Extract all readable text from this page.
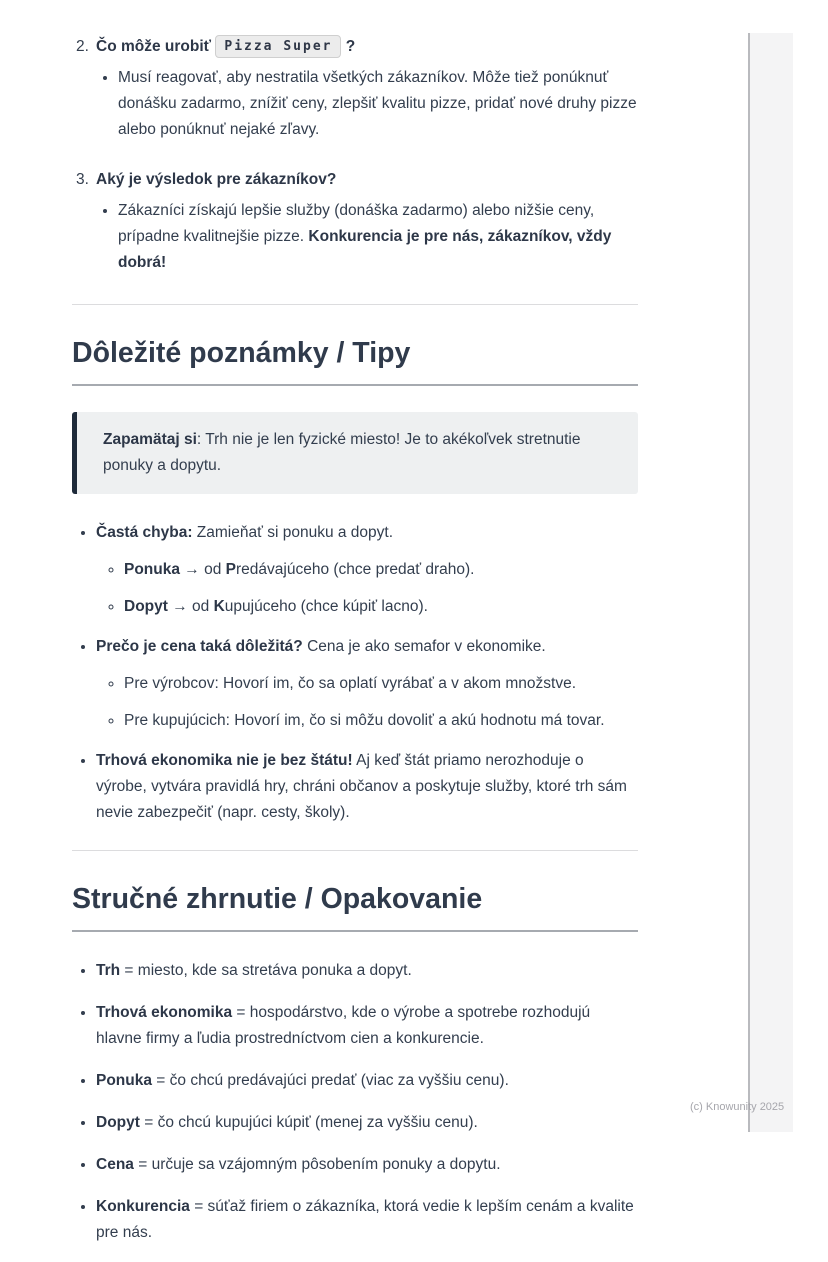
2. Čo môže urobiť Pizza Super ?
• Musí reagovať, aby nestratila všetkých zákazníkov. Môže tiež ponúknuť donášku zadarmo, znížiť ceny, zlepšiť kvalitu pizze, pridať nové druhy pizze alebo ponúknuť nejaké zľavy.
3. Aký je výsledok pre zákazníkov?
• Zákazníci získajú lepšie služby (donáška zadarmo) alebo nižšie ceny, prípadne kvalitnejšie pizze. Konkurencia je pre nás, zákazníkov, vždy dobrá!
Dôležité poznámky / Tipy

Zapamätaj si: Trh nie je len fyzické miesto! Je to akékoľvek stretnutie ponuky a dopytu.

• Častá chyba: Zamieňať si ponuku a dopyt.
◦ Ponuka → od Predávajúceho (chce predať draho).
◦ Dopyt → od Kupujúceho (chce kúpiť lacno).
• Prečo je cena taká dôležitá? Cena je ako semafor v ekonomike.
◦ Pre výrobcov: Hovorí im, čo sa oplatí vyrábať a v akom množstve.
◦ Pre kupujúcich: Hovorí im, čo si môžu dovoliť a akú hodnotu má tovar.
• Trhová ekonomika nie je bez štátu! Aj keď štát priamo nerozhoduje o výrobe, vytvára pravidlá hry, chráni občanov a poskytuje služby, ktoré trh sám nevie zabezpečiť (napr. cesty, školy).
Stručné zhrnutie / Opakovanie
• Trh = miesto, kde sa stretáva ponuka a dopyt.
• Trhová ekonomika = hospodárstvo, kde o výrobe a spotrebe rozhodujú hlavne firmy a ľudia prostredníctvom cien a konkurencie.
• Ponuka = čo chcú predávajúci predať (viac za vyššiu cenu).
• Dopyt = čo chcú kupujúci kúpiť (menej za vyššiu cenu).
• Cena = určuje sa vzájomným pôsobením ponuky a dopytu.
• Konkurencia = súťaž firiem o zákazníka, ktorá vedie k lepším cenám a kvalite pre nás.
(c) Knowunity 2025
